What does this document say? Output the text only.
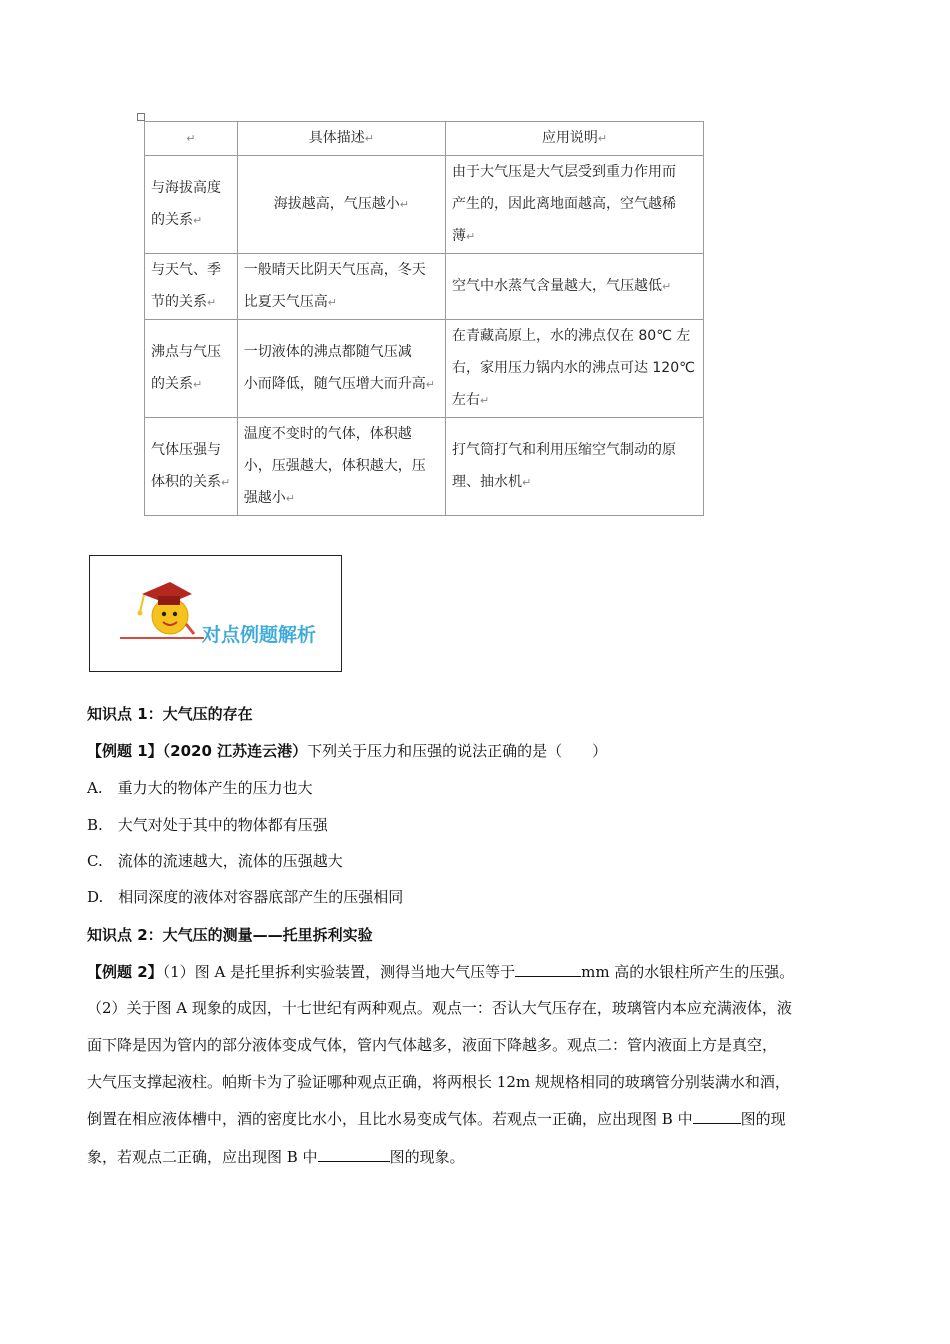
↵	具体描述↵	应用说明↵
与海拔高度
的关系↵	海拔越高，气压越小↵	由于大气压是大气层受到重力作用而
产生的，因此离地面越高，空气越稀
薄↵
与天气、季
节的关系↵	一般晴天比阴天气压高，冬天
比夏天气压高↵	空气中水蒸气含量越大，气压越低↵
沸点与气压
的关系↵	一切液体的沸点都随气压减
小而降低，随气压增大而升高↵	在青藏高原上，水的沸点仅在 80℃ 左
右，家用压力锅内水的沸点可达 120℃
左右↵
气体压强与
体积的关系↵	温度不变时的气体，体积越
小，压强越大，体积越大，压
强越小↵	打气筒打气和利用压缩空气制动的原
理、抽水机↵
对点例题解析
知识点 1：大气压的存在
【例题 1】（2020 江苏连云港）下列关于压力和压强的说法正确的是（　　）
A.　重力大的物体产生的压力也大
B.　大气对处于其中的物体都有压强
C.　流体的流速越大，流体的压强越大
D.　相同深度的液体对容器底部产生的压强相同
知识点 2：大气压的测量——托里拆利实验
【例题 2】（1）图 A 是托里拆利实验装置，测得当地大气压等于	mm 高的水银柱所产生的压强。
（2）关于图 A 现象的成因，十七世纪有两种观点。观点一：否认大气压存在，玻璃管内本应充满液体，液
面下降是因为管内的部分液体变成气体，管内气体越多，液面下降越多。观点二：管内液面上方是真空，
大气压支撑起液柱。帕斯卡为了验证哪种观点正确，将两根长 12m 规规格相同的玻璃管分别装满水和酒，
倒置在相应液体槽中，酒的密度比水小，且比水易变成气体。若观点一正确，应出现图 B 中	图的现
象，若观点二正确，应出现图 B 中	图的现象。
